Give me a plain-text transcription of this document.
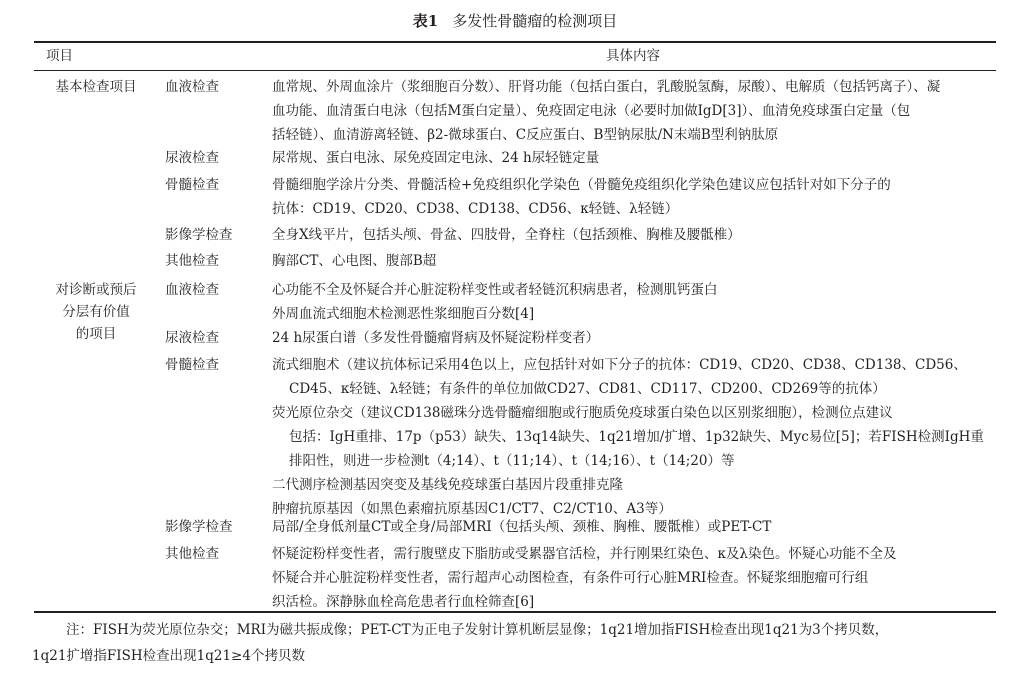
表1 多发性骨髓瘤的检测项目
项目	具体内容
基本检查项目	血液检查	血常规、外周血涂片（浆细胞百分数）、肝肾功能（包括白蛋白，乳酸脱氢酶，尿酸）、电解质（包括钙离子）、凝
血功能、血清蛋白电泳（包括M蛋白定量）、免疫固定电泳（必要时加做IgD[3]）、血清免疫球蛋白定量（包
括轻链）、血清游离轻链、β2-微球蛋白、C反应蛋白、B型钠尿肽/N末端B型利钠肽原
尿液检查	尿常规、蛋白电泳、尿免疫固定电泳、24 h尿轻链定量
骨髓检查	骨髓细胞学涂片分类、骨髓活检+免疫组织化学染色（骨髓免疫组织化学染色建议应包括针对如下分子的
抗体：CD19、CD20、CD38、CD138、CD56、κ轻链、λ轻链）
影像学检查	全身X线平片，包括头颅、骨盆、四肢骨，全脊柱（包括颈椎、胸椎及腰骶椎）
其他检查	胸部CT、心电图、腹部B超
对诊断或预后
分层有价值
的项目
血液检查	心功能不全及怀疑合并心脏淀粉样变性或者轻链沉积病患者，检测肌钙蛋白
外周血流式细胞术检测恶性浆细胞百分数[4]
尿液检查	24 h尿蛋白谱（多发性骨髓瘤肾病及怀疑淀粉样变者）
骨髓检查	流式细胞术（建议抗体标记采用4色以上，应包括针对如下分子的抗体：CD19、CD20、CD38、CD138、CD56、
CD45、κ轻链、λ轻链；有条件的单位加做CD27、CD81、CD117、CD200、CD269等的抗体）
荧光原位杂交（建议CD138磁珠分选骨髓瘤细胞或行胞质免疫球蛋白染色以区别浆细胞），检测位点建议
包括：IgH重排、17p（p53）缺失、13q14缺失、1q21增加/扩增、1p32缺失、Myc易位[5]；若FISH检测IgH重
排阳性，则进一步检测t（4;14）、t（11;14）、t（14;16）、t（14;20）等
二代测序检测基因突变及基线免疫球蛋白基因片段重排克隆
肿瘤抗原基因（如黑色素瘤抗原基因C1/CT7、C2/CT10、A3等）
影像学检查	局部/全身低剂量CT或全身/局部MRI（包括头颅、颈椎、胸椎、腰骶椎）或PET-CT
其他检查	怀疑淀粉样变性者，需行腹壁皮下脂肪或受累器官活检，并行刚果红染色、κ及λ染色。怀疑心功能不全及
怀疑合并心脏淀粉样变性者，需行超声心动图检查，有条件可行心脏MRI检查。怀疑浆细胞瘤可行组
织活检。深静脉血栓高危患者行血栓筛查[6]
注：FISH为荧光原位杂交；MRI为磁共振成像；PET-CT为正电子发射计算机断层显像；1q21增加指FISH检查出现1q21为3个拷贝数，
1q21扩增指FISH检查出现1q21≥4个拷贝数
